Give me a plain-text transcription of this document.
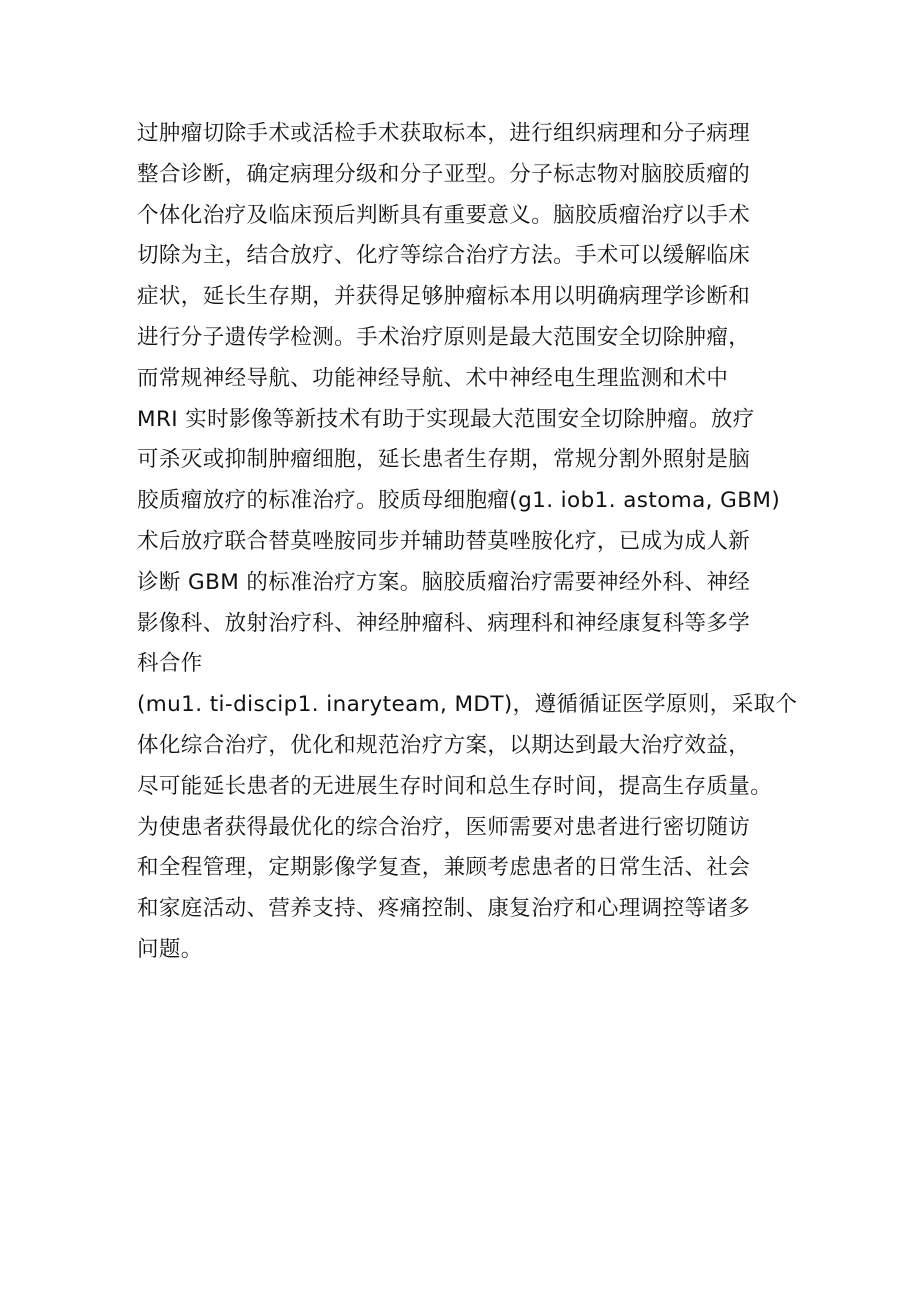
过肿瘤切除手术或活检手术获取标本，进行组织病理和分子病理
整合诊断，确定病理分级和分子亚型。分子标志物对脑胶质瘤的
个体化治疗及临床预后判断具有重要意义。脑胶质瘤治疗以手术
切除为主，结合放疗、化疗等综合治疗方法。手术可以缓解临床
症状，延长生存期，并获得足够肿瘤标本用以明确病理学诊断和
进行分子遗传学检测。手术治疗原则是最大范围安全切除肿瘤，
而常规神经导航、功能神经导航、术中神经电生理监测和术中
MRI 实时影像等新技术有助于实现最大范围安全切除肿瘤。放疗
可杀灭或抑制肿瘤细胞，延长患者生存期，常规分割外照射是脑
胶质瘤放疗的标准治疗。胶质母细胞瘤(g1. iob1. astoma, GBM)
术后放疗联合替莫唑胺同步并辅助替莫唑胺化疗，已成为成人新
诊断 GBM 的标准治疗方案。脑胶质瘤治疗需要神经外科、神经
影像科、放射治疗科、神经肿瘤科、病理科和神经康复科等多学
科合作
(mu1. ti-discip1. inaryteam, MDT)，遵循循证医学原则，采取个
体化综合治疗，优化和规范治疗方案，以期达到最大治疗效益，
尽可能延长患者的无进展生存时间和总生存时间，提高生存质量。
为使患者获得最优化的综合治疗，医师需要对患者进行密切随访
和全程管理，定期影像学复查，兼顾考虑患者的日常生活、社会
和家庭活动、营养支持、疼痛控制、康复治疗和心理调控等诸多
问题。
